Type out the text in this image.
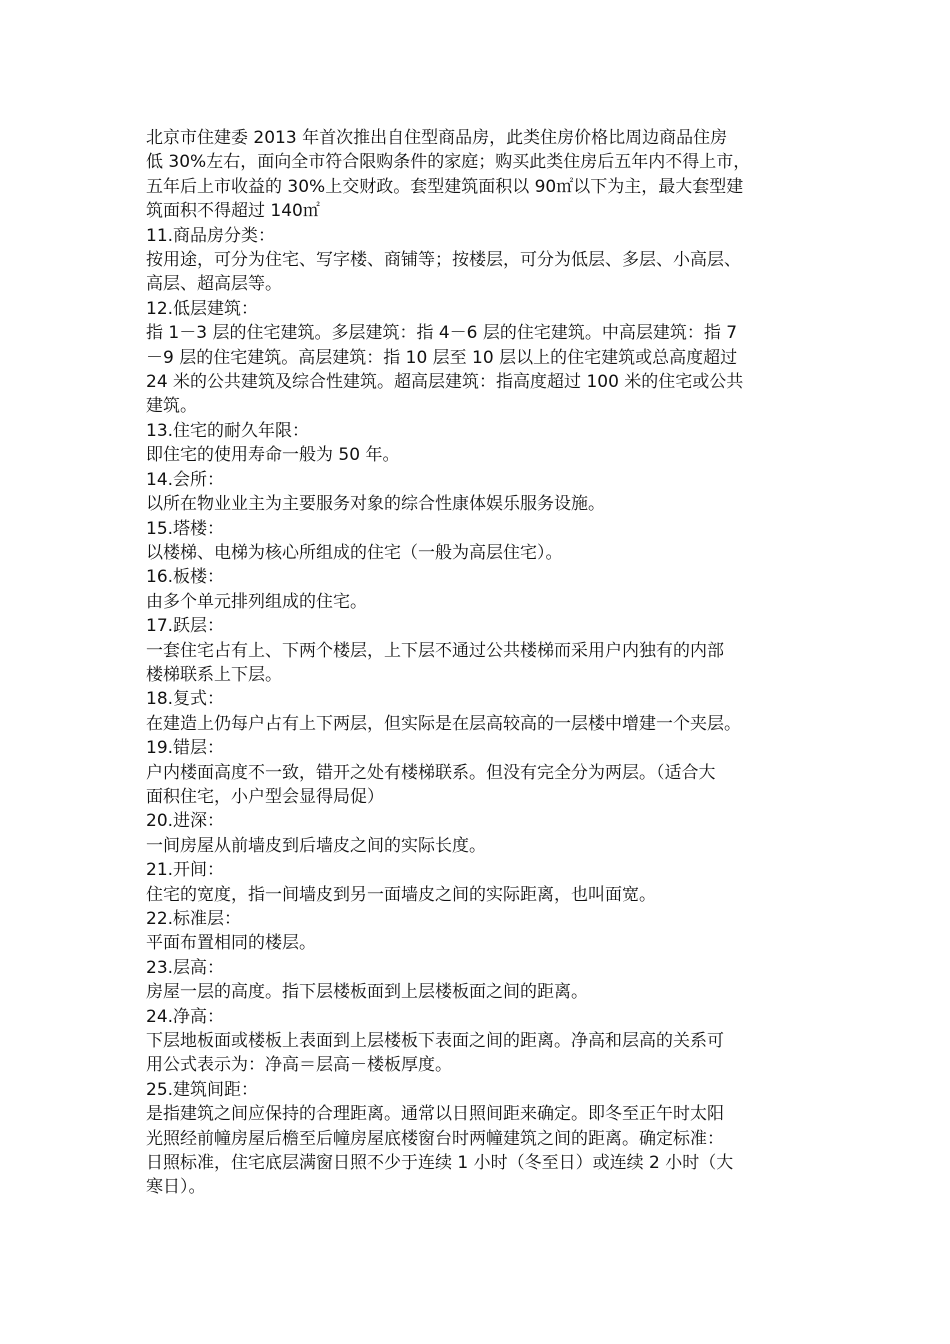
北京市住建委 2013 年首次推出自住型商品房，此类住房价格比周边商品住房
低 30%左右，面向全市符合限购条件的家庭；购买此类住房后五年内不得上市，
五年后上市收益的 30%上交财政。套型建筑面积以 90㎡以下为主，最大套型建
筑面积不得超过 140㎡
11.商品房分类：
按用途，可分为住宅、写字楼、商铺等；按楼层，可分为低层、多层、小高层、
高层、超高层等。
12.低层建筑：
指 1－3 层的住宅建筑。多层建筑：指 4－6 层的住宅建筑。中高层建筑：指 7
－9 层的住宅建筑。高层建筑：指 10 层至 10 层以上的住宅建筑或总高度超过
24 米的公共建筑及综合性建筑。超高层建筑：指高度超过 100 米的住宅或公共
建筑。
13.住宅的耐久年限：
即住宅的使用寿命一般为 50 年。
14.会所：
以所在物业业主为主要服务对象的综合性康体娱乐服务设施。
15.塔楼：
以楼梯、电梯为核心所组成的住宅（一般为高层住宅）。
16.板楼：
由多个单元排列组成的住宅。
17.跃层：
一套住宅占有上、下两个楼层，上下层不通过公共楼梯而采用户内独有的内部
楼梯联系上下层。
18.复式：
在建造上仍每户占有上下两层，但实际是在层高较高的一层楼中增建一个夹层。
19.错层：
户内楼面高度不一致，错开之处有楼梯联系。但没有完全分为两层。（适合大
面积住宅，小户型会显得局促）
20.进深：
一间房屋从前墙皮到后墙皮之间的实际长度。
21.开间：
住宅的宽度，指一间墙皮到另一面墙皮之间的实际距离，也叫面宽。
22.标准层：
平面布置相同的楼层。
23.层高：
房屋一层的高度。指下层楼板面到上层楼板面之间的距离。
24.净高：
下层地板面或楼板上表面到上层楼板下表面之间的距离。净高和层高的关系可
用公式表示为：净高＝层高－楼板厚度。
25.建筑间距：
是指建筑之间应保持的合理距离。通常以日照间距来确定。即冬至正午时太阳
光照经前幢房屋后檐至后幢房屋底楼窗台时两幢建筑之间的距离。确定标准：
日照标准，住宅底层满窗日照不少于连续 1 小时（冬至日）或连续 2 小时（大
寒日）。
